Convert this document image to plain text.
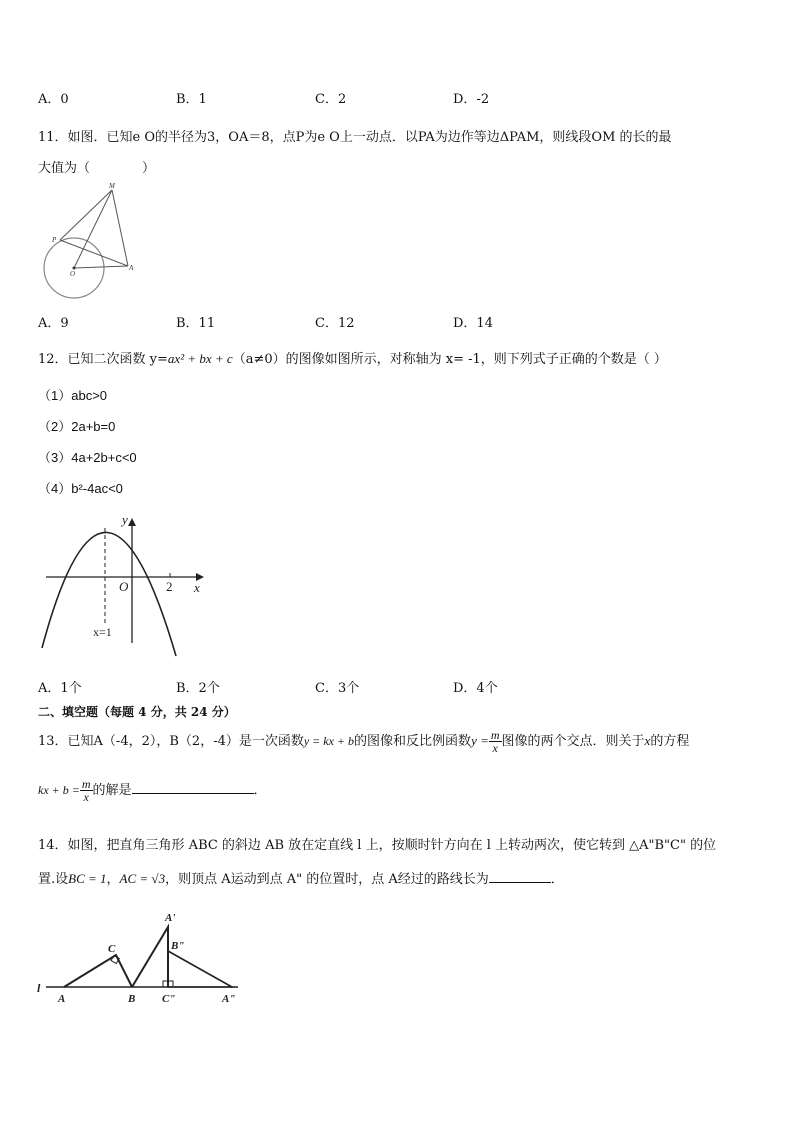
A．0	B．1	C．2	D．-2
11．如图．已知e O的半径为3，OA＝8，点P为e O上一动点．以PA为边作等边ΔPAM，则线段OM 的长的最
大值为（　　　　）
M
P
O
A
A．9	B．11	C．12	D．14
12．已知二次函数 y=ax² + bx + c（a≠0）的图像如图所示，对称轴为 x= -1，则下列式子正确的个数是（ ）
（1）abc>0
（2）2a+b=0
（3）4a+2b+c<0
（4）b²-4ac<0
y
x
O	2
x=1
A．1个	B．2个	C．3个	D．4个
二、填空题（每题 4 分，共 24 分）
13．已知A（-4，2），B（2，-4）是一次函数y = kx + b的图像和反比例函数$y = \frac{m}{x}$ 图像的两个交点．则关于x的方程
kx + $b = \frac{m}{x}$ 的解是	．
14．如图，把直角三角形 ABC 的斜边 AB 放在定直线 l 上，按顺时针方向在 l 上转动两次，使它转到 △A"B"C" 的位
置.设BC = 1，AC = √3，则顶点 A运动到点 A" 的位置时，点 A经过的路线长为	．
l
A
C
B
A'
B"
C"	A"
